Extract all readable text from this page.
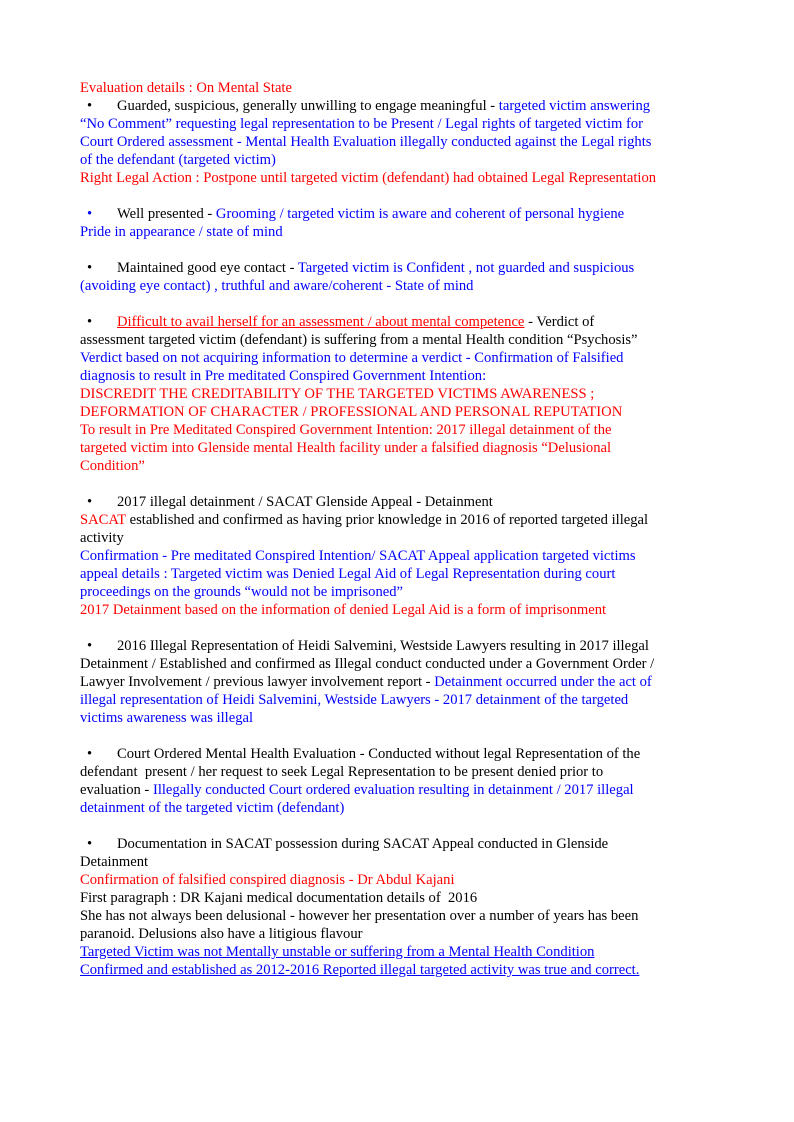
Evaluation details : On Mental State
• Guarded, suspicious, generally unwilling to engage meaningful - targeted victim answering
“No Comment” requesting legal representation to be Present / Legal rights of targeted victim for
Court Ordered assessment - Mental Health Evaluation illegally conducted against the Legal rights
of the defendant (targeted victim)
Right Legal Action : Postpone until targeted victim (defendant) had obtained Legal Representation
• Well presented - Grooming / targeted victim is aware and coherent of personal hygiene
Pride in appearance / state of mind
• Maintained good eye contact - Targeted victim is Confident , not guarded and suspicious
(avoiding eye contact) , truthful and aware/coherent - State of mind
• Difficult to avail herself for an assessment / about mental competence - Verdict of
assessment targeted victim (defendant) is suffering from a mental Health condition “Psychosis”
Verdict based on not acquiring information to determine a verdict - Confirmation of Falsified
diagnosis to result in Pre meditated Conspired Government Intention:
DISCREDIT THE CREDITABILITY OF THE TARGETED VICTIMS AWARENESS ;
DEFORMATION OF CHARACTER / PROFESSIONAL AND PERSONAL REPUTATION
To result in Pre Meditated Conspired Government Intention: 2017 illegal detainment of the
targeted victim into Glenside mental Health facility under a falsified diagnosis “Delusional
Condition”
• 2017 illegal detainment / SACAT Glenside Appeal - Detainment
SACAT established and confirmed as having prior knowledge in 2016 of reported targeted illegal
activity
Confirmation - Pre meditated Conspired Intention/ SACAT Appeal application targeted victims
appeal details : Targeted victim was Denied Legal Aid of Legal Representation during court
proceedings on the grounds “would not be imprisoned”
2017 Detainment based on the information of denied Legal Aid is a form of imprisonment
• 2016 Illegal Representation of Heidi Salvemini, Westside Lawyers resulting in 2017 illegal
Detainment / Established and confirmed as Illegal conduct conducted under a Government Order /
Lawyer Involvement / previous lawyer involvement report - Detainment occurred under the act of
illegal representation of Heidi Salvemini, Westside Lawyers - 2017 detainment of the targeted
victims awareness was illegal
• Court Ordered Mental Health Evaluation - Conducted without legal Representation of the
defendant  present / her request to seek Legal Representation to be present denied prior to
evaluation - Illegally conducted Court ordered evaluation resulting in detainment / 2017 illegal
detainment of the targeted victim (defendant)
• Documentation in SACAT possession during SACAT Appeal conducted in Glenside
Detainment
Confirmation of falsified conspired diagnosis - Dr Abdul Kajani
First paragraph : DR Kajani medical documentation details of  2016
She has not always been delusional - however her presentation over a number of years has been
paranoid. Delusions also have a litigious flavour
Targeted Victim was not Mentally unstable or suffering from a Mental Health Condition
Confirmed and established as 2012-2016 Reported illegal targeted activity was true and correct.
